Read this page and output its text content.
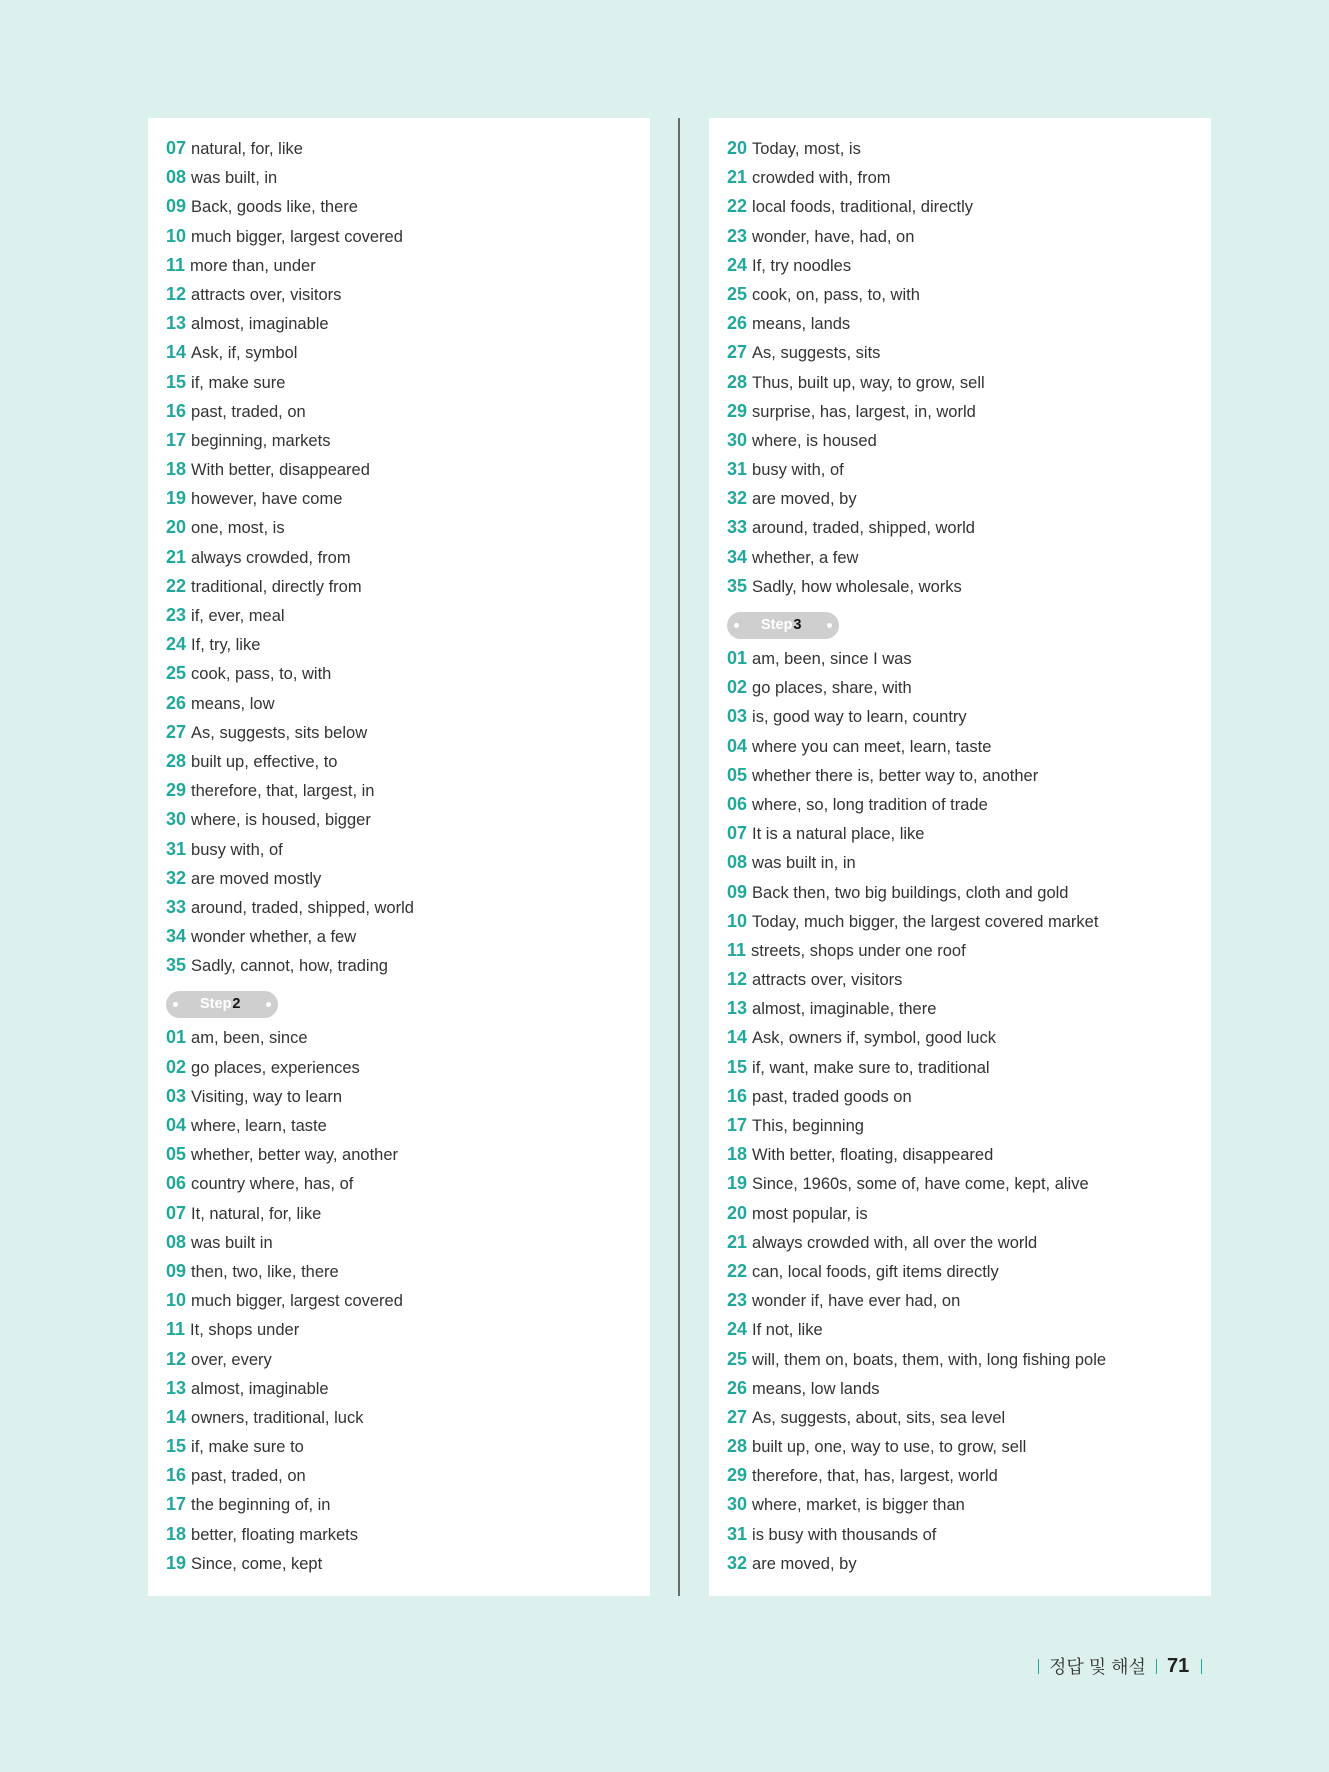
07 natural, for, like
08 was built, in
09 Back, goods like, there
10 much bigger, largest covered
11 more than, under
12 attracts over, visitors
13 almost, imaginable
14 Ask, if, symbol
15 if, make sure
16 past, traded, on
17 beginning, markets
18 With better, disappeared
19 however, have come
20 one, most, is
21 always crowded, from
22 traditional, directly from
23 if, ever, meal
24 If, try, like
25 cook, pass, to, with
26 means, low
27 As, suggests, sits below
28 built up, effective, to
29 therefore, that, largest, in
30 where, is housed, bigger
31 busy with, of
32 are moved mostly
33 around, traded, shipped, world
34 wonder whether, a few
35 Sadly, cannot, how, trading
Step2
01 am, been, since
02 go places, experiences
03 Visiting, way to learn
04 where, learn, taste
05 whether, better way, another
06 country where, has, of
07 It, natural, for, like
08 was built in
09 then, two, like, there
10 much bigger, largest covered
11 It, shops under
12 over, every
13 almost, imaginable
14 owners, traditional, luck
15 if, make sure to
16 past, traded, on
17 the beginning of, in
18 better, floating markets
19 Since, come, kept
20 Today, most, is
21 crowded with, from
22 local foods, traditional, directly
23 wonder, have, had, on
24 If, try noodles
25 cook, on, pass, to, with
26 means, lands
27 As, suggests, sits
28 Thus, built up, way, to grow, sell
29 surprise, has, largest, in, world
30 where, is housed
31 busy with, of
32 are moved, by
33 around, traded, shipped, world
34 whether, a few
35 Sadly, how wholesale, works
Step3
01 am, been, since I was
02 go places, share, with
03 is, good way to learn, country
04 where you can meet, learn, taste
05 whether there is, better way to, another
06 where, so, long tradition of trade
07 It is a natural place, like
08 was built in, in
09 Back then, two big buildings, cloth and gold
10 Today, much bigger, the largest covered market
11 streets, shops under one roof
12 attracts over, visitors
13 almost, imaginable, there
14 Ask, owners if, symbol, good luck
15 if, want, make sure to, traditional
16 past, traded goods on
17 This, beginning
18 With better, floating, disappeared
19 Since, 1960s, some of, have come, kept, alive
20 most popular, is
21 always crowded with, all over the world
22 can, local foods, gift items directly
23 wonder if, have ever had, on
24 If not, like
25 will, them on, boats, them, with, long fishing pole
26 means, low lands
27 As, suggests, about, sits, sea level
28 built up, one, way to use, to grow, sell
29 therefore, that, has, largest, world
30 where, market, is bigger than
31 is busy with thousands of
32 are moved, by
정답 및 해설 71
